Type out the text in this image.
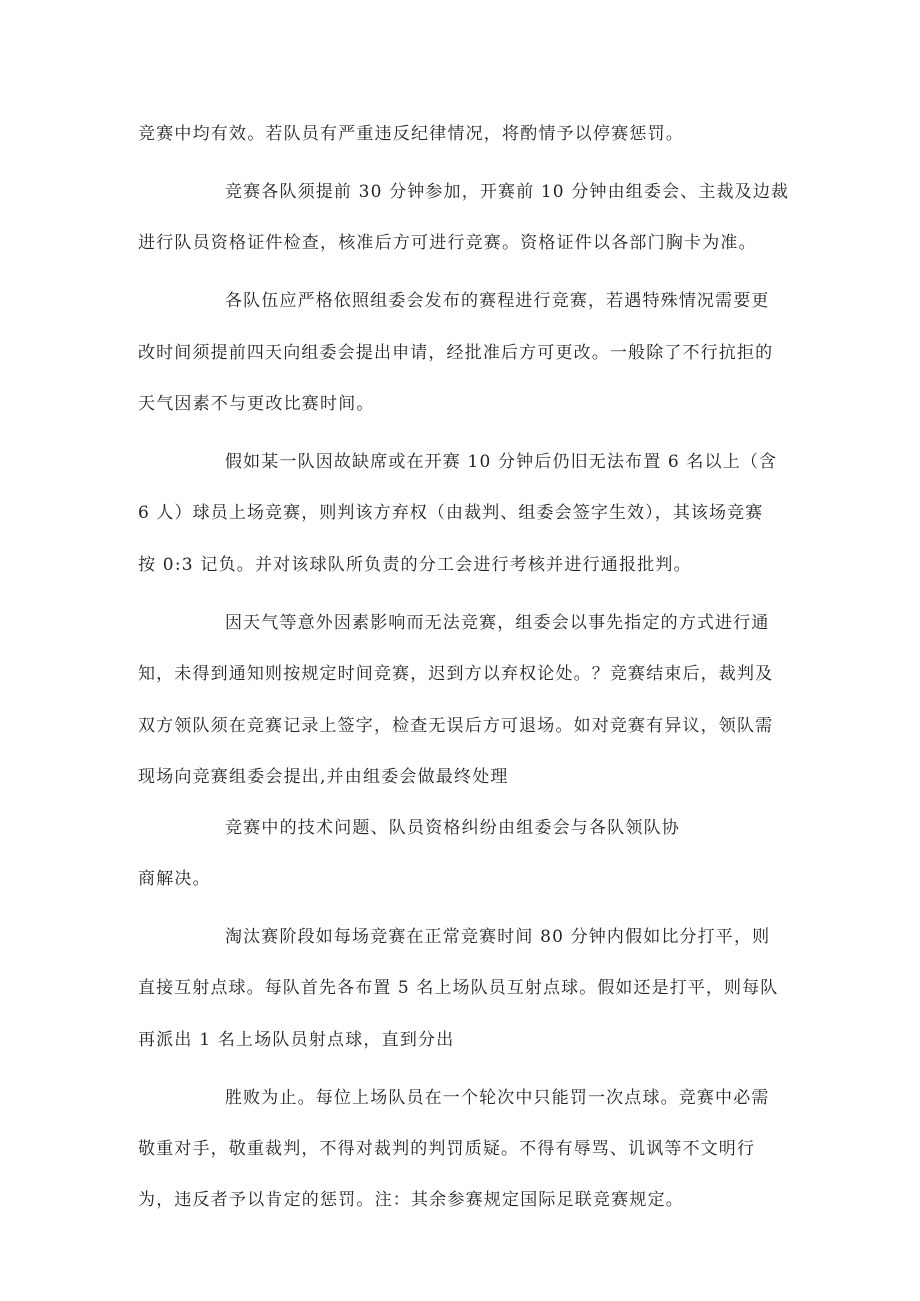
竞赛中均有效。若队员有严重违反纪律情况，将酌情予以停赛惩罚。
竞赛各队须提前 30 分钟参加，开赛前 10 分钟由组委会、主裁及边裁
进行队员资格证件检查，核准后方可进行竞赛。资格证件以各部门胸卡为准。
各队伍应严格依照组委会发布的赛程进行竞赛，若遇特殊情况需要更
改时间须提前四天向组委会提出申请，经批准后方可更改。一般除了不行抗拒的
天气因素不与更改比赛时间。
假如某一队因故缺席或在开赛 10 分钟后仍旧无法布置 6 名以上（含
6 人）球员上场竞赛，则判该方弃权（由裁判、组委会签字生效），其该场竞赛
按 0:3 记负。并对该球队所负责的分工会进行考核并进行通报批判。
因天气等意外因素影响而无法竞赛，组委会以事先指定的方式进行通
知，未得到通知则按规定时间竞赛，迟到方以弃权论处。？竞赛结束后，裁判及
双方领队须在竞赛记录上签字，检查无误后方可退场。如对竞赛有异议，领队需
现场向竞赛组委会提出,并由组委会做最终处理
竞赛中的技术问题、队员资格纠纷由组委会与各队领队协
商解决。
淘汰赛阶段如每场竞赛在正常竞赛时间 80 分钟内假如比分打平，则
直接互射点球。每队首先各布置 5 名上场队员互射点球。假如还是打平，则每队
再派出 1 名上场队员射点球，直到分出
胜败为止。每位上场队员在一个轮次中只能罚一次点球。竞赛中必需
敬重对手，敬重裁判，不得对裁判的判罚质疑。不得有辱骂、讥讽等不文明行
为，违反者予以肯定的惩罚。注：其余参赛规定国际足联竞赛规定。
